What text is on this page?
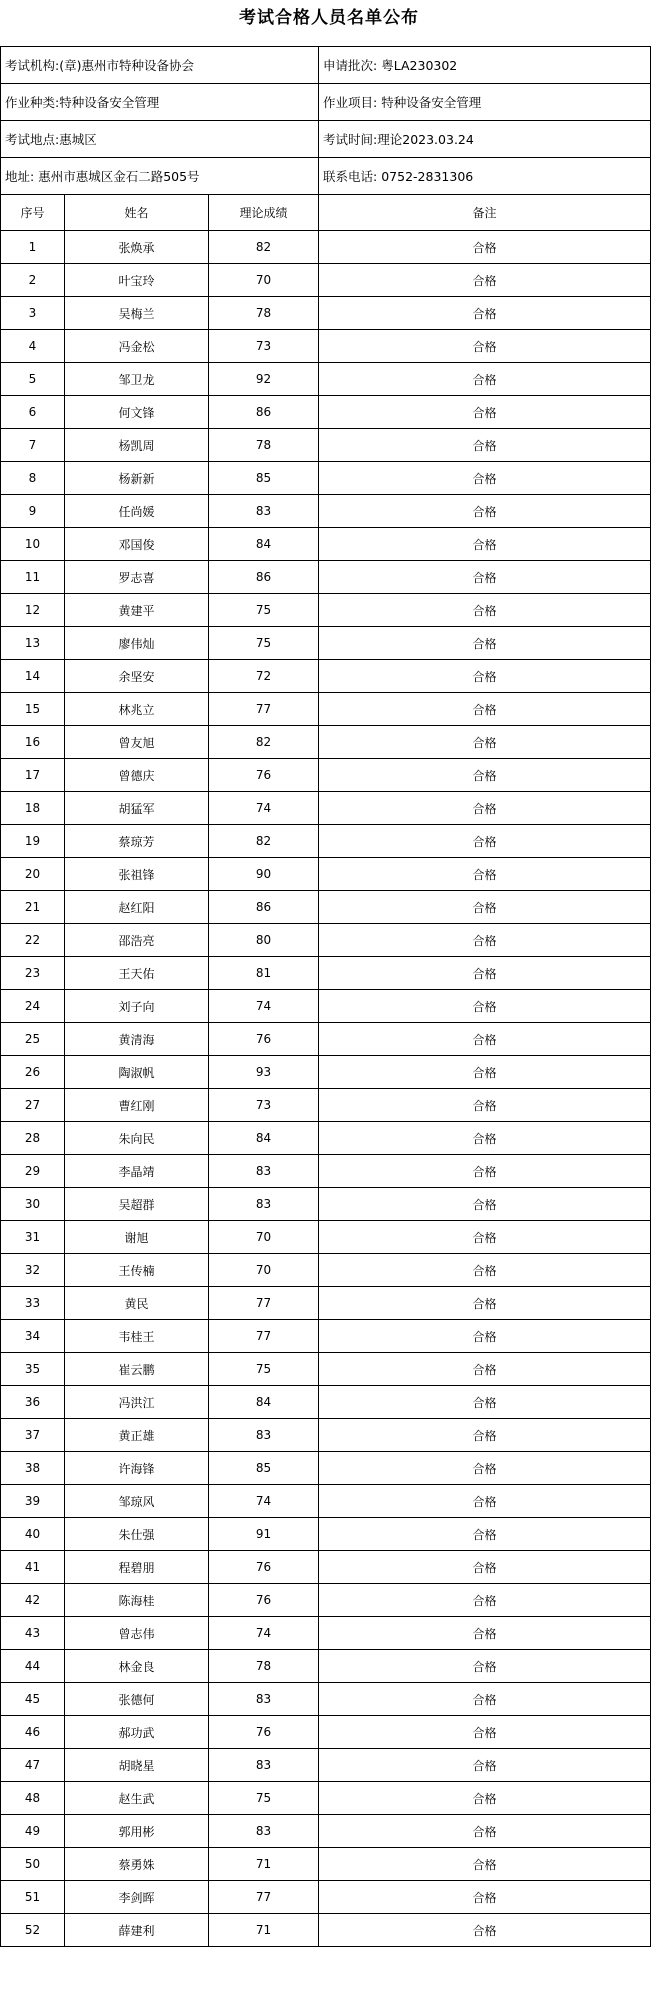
考试合格人员名单公布
考试机构:(章)惠州市特种设备协会			申请批次: 粤LA230302
作业种类:特种设备安全管理			作业项目: 特种设备安全管理
考试地点:惠城区			考试时间:理论2023.03.24
地址: 惠州市惠城区金石二路505号			联系电话: 0752-2831306
序号	姓名	理论成绩	备注
1	张焕承	82	合格
2	叶宝玲	70	合格
3	吴梅兰	78	合格
4	冯金松	73	合格
5	邹卫龙	92	合格
6	何文锋	86	合格
7	杨凯周	78	合格
8	杨新新	85	合格
9	任尚媛	83	合格
10	邓国俊	84	合格
11	罗志喜	86	合格
12	黄建平	75	合格
13	廖伟灿	75	合格
14	余坚安	72	合格
15	林兆立	77	合格
16	曾友旭	82	合格
17	曾德庆	76	合格
18	胡猛军	74	合格
19	蔡琼芳	82	合格
20	张祖锋	90	合格
21	赵红阳	86	合格
22	邵浩亮	80	合格
23	王天佑	81	合格
24	刘子向	74	合格
25	黄清海	76	合格
26	陶淑帆	93	合格
27	曹红刚	73	合格
28	朱向民	84	合格
29	李晶靖	83	合格
30	吴超群	83	合格
31	谢旭	70	合格
32	王传楠	70	合格
33	黄民	77	合格
34	韦桂王	77	合格
35	崔云鹏	75	合格
36	冯洪江	84	合格
37	黄正雄	83	合格
38	许海锋	85	合格
39	邹琼风	74	合格
40	朱仕强	91	合格
41	程碧朋	76	合格
42	陈海桂	76	合格
43	曾志伟	74	合格
44	林金良	78	合格
45	张德何	83	合格
46	郝功武	76	合格
47	胡晓星	83	合格
48	赵生武	75	合格
49	郭用彬	83	合格
50	蔡勇姝	71	合格
51	李剑晖	77	合格
52	薛建利	71	合格
